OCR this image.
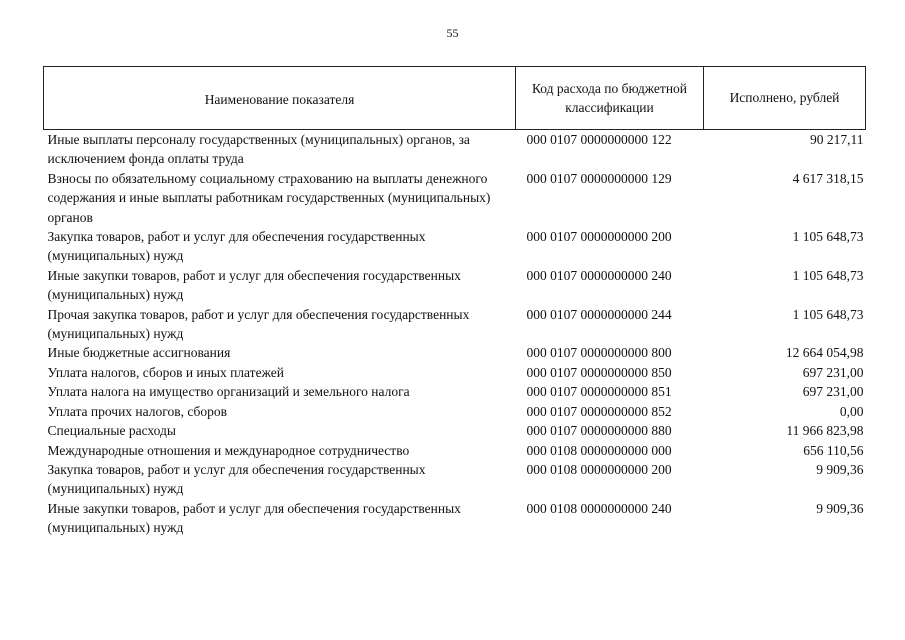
55
Наименование показателя	Код расхода по бюджетной классификации	Исполнено, рублей
Иные выплаты персоналу государственных (муниципальных) органов, за исключением фонда оплаты труда	000 0107 0000000000 122	90 217,11
Взносы по обязательному социальному страхованию на выплаты денежного содержания и иные выплаты работникам государственных (муниципальных) органов	000 0107 0000000000 129	4 617 318,15
Закупка товаров, работ и услуг для обеспечения государственных (муниципальных) нужд	000 0107 0000000000 200	1 105 648,73
Иные закупки товаров, работ и услуг для обеспечения государственных (муниципальных) нужд	000 0107 0000000000 240	1 105 648,73
Прочая закупка товаров, работ и услуг для обеспечения государственных (муниципальных) нужд	000 0107 0000000000 244	1 105 648,73
Иные бюджетные ассигнования	000 0107 0000000000 800	12 664 054,98
Уплата налогов, сборов и иных платежей	000 0107 0000000000 850	697 231,00
Уплата налога на имущество организаций и земельного налога	000 0107 0000000000 851	697 231,00
Уплата прочих налогов, сборов	000 0107 0000000000 852	0,00
Специальные расходы	000 0107 0000000000 880	11 966 823,98
Международные отношения и международное сотрудничество	000 0108 0000000000 000	656 110,56
Закупка товаров, работ и услуг для обеспечения государственных (муниципальных) нужд	000 0108 0000000000 200	9 909,36
Иные закупки товаров, работ и услуг для обеспечения государственных (муниципальных) нужд	000 0108 0000000000 240	9 909,36
